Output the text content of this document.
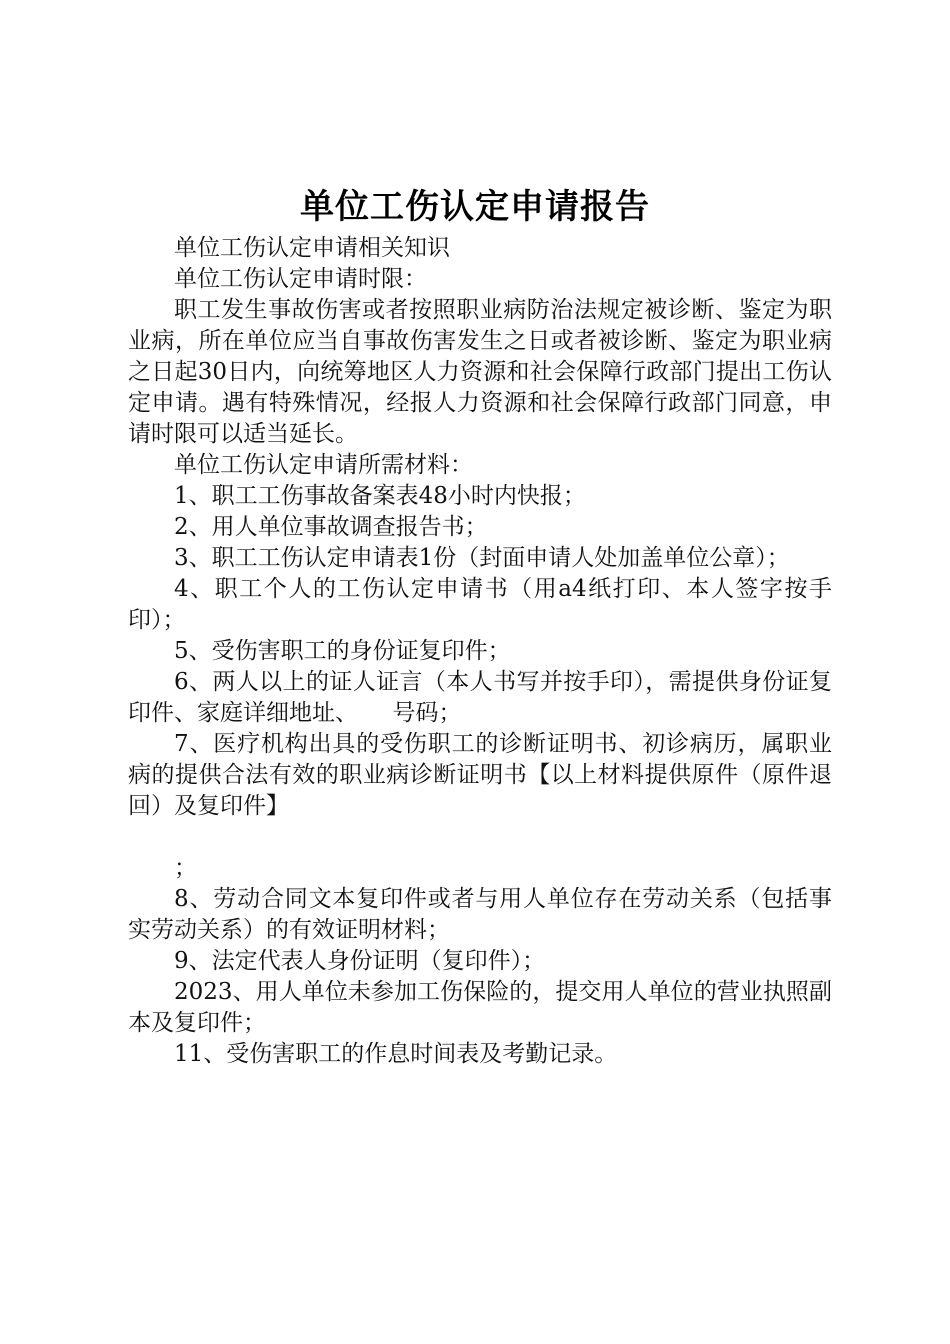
单位工伤认定申请报告

单位工伤认定申请相关知识

单位工伤认定申请时限：

职工发生事故伤害或者按照职业病防治法规定被诊断、鉴定为职业病，所在单位应当自事故伤害发生之日或者被诊断、鉴定为职业病之日起30日内，向统筹地区人力资源和社会保障行政部门提出工伤认定申请。遇有特殊情况，经报人力资源和社会保障行政部门同意，申请时限可以适当延长。

单位工伤认定申请所需材料：

1、职工工伤事故备案表48小时内快报；

2、用人单位事故调查报告书；

3、职工工伤认定申请表1份（封面申请人处加盖单位公章）；

4、职工个人的工伤认定申请书（用a4纸打印、本人签字按手印）；

5、受伤害职工的身份证复印件；

6、两人以上的证人证言（本人书写并按手印），需提供身份证复印件、家庭详细地址、　　号码；

7、医疗机构出具的受伤职工的诊断证明书、初诊病历，属职业病的提供合法有效的职业病诊断证明书【以上材料提供原件（原件退回）及复印件】

；

8、劳动合同文本复印件或者与用人单位存在劳动关系（包括事实劳动关系）的有效证明材料；

9、法定代表人身份证明（复印件）；

2023、用人单位未参加工伤保险的，提交用人单位的营业执照副本及复印件；

11、受伤害职工的作息时间表及考勤记录。
